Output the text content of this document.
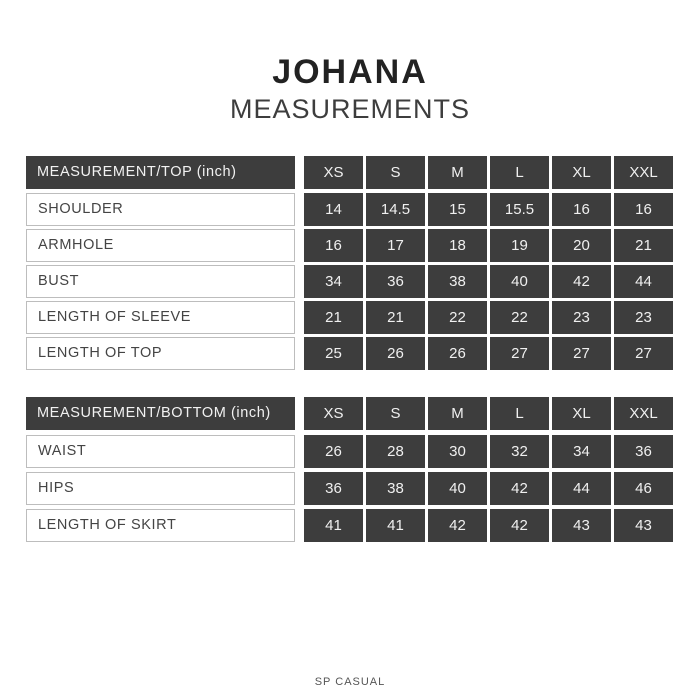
JOHANA
MEASUREMENTS
MEASUREMENT/TOP (inch)	XS	S	M	L	XL	XXL
SHOULDER	14	14.5	15	15.5	16	16
ARMHOLE	16	17	18	19	20	21
BUST	34	36	38	40	42	44
LENGTH OF SLEEVE	21	21	22	22	23	23
LENGTH OF TOP	25	26	26	27	27	27
MEASUREMENT/BOTTOM (inch)	XS	S	M	L	XL	XXL
WAIST	26	28	30	32	34	36
HIPS	36	38	40	42	44	46
LENGTH OF SKIRT	41	41	42	42	43	43
SP CASUAL
